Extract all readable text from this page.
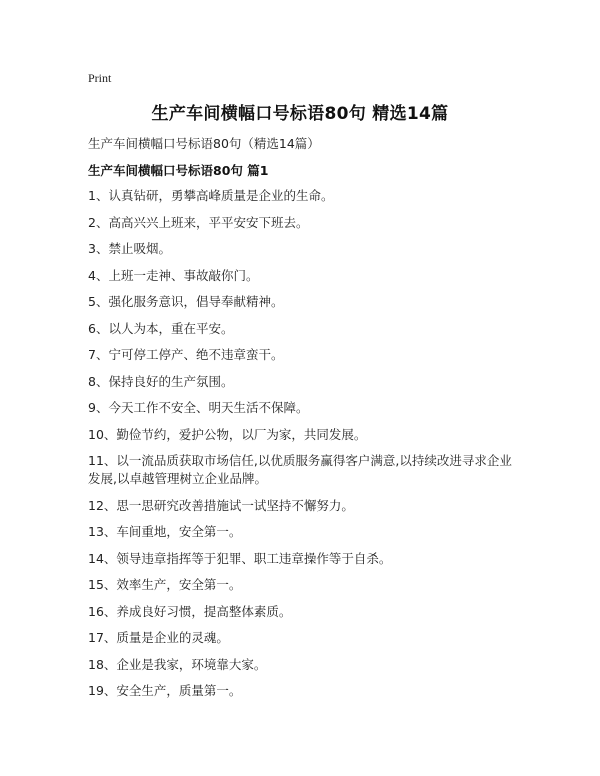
Print
生产车间横幅口号标语80句 精选14篇
生产车间横幅口号标语80句（精选14篇）
生产车间横幅口号标语80句 篇1
1、认真钻研，勇攀高峰质量是企业的生命。
2、高高兴兴上班来，平平安安下班去。
3、禁止吸烟。
4、上班一走神、事故敲你门。
5、强化服务意识，倡导奉献精神。
6、以人为本，重在平安。
7、宁可停工停产、绝不违章蛮干。
8、保持良好的生产氛围。
9、今天工作不安全、明天生活不保障。
10、勤俭节约，爱护公物，以厂为家，共同发展。
11、以一流品质获取市场信任,以优质服务赢得客户满意,以持续改进寻求企业发展,以卓越管理树立企业品牌。
12、思一思研究改善措施试一试坚持不懈努力。
13、车间重地，安全第一。
14、领导违章指挥等于犯罪、职工违章操作等于自杀。
15、效率生产，安全第一。
16、养成良好习惯，提高整体素质。
17、质量是企业的灵魂。
18、企业是我家，环境靠大家。
19、安全生产，质量第一。
